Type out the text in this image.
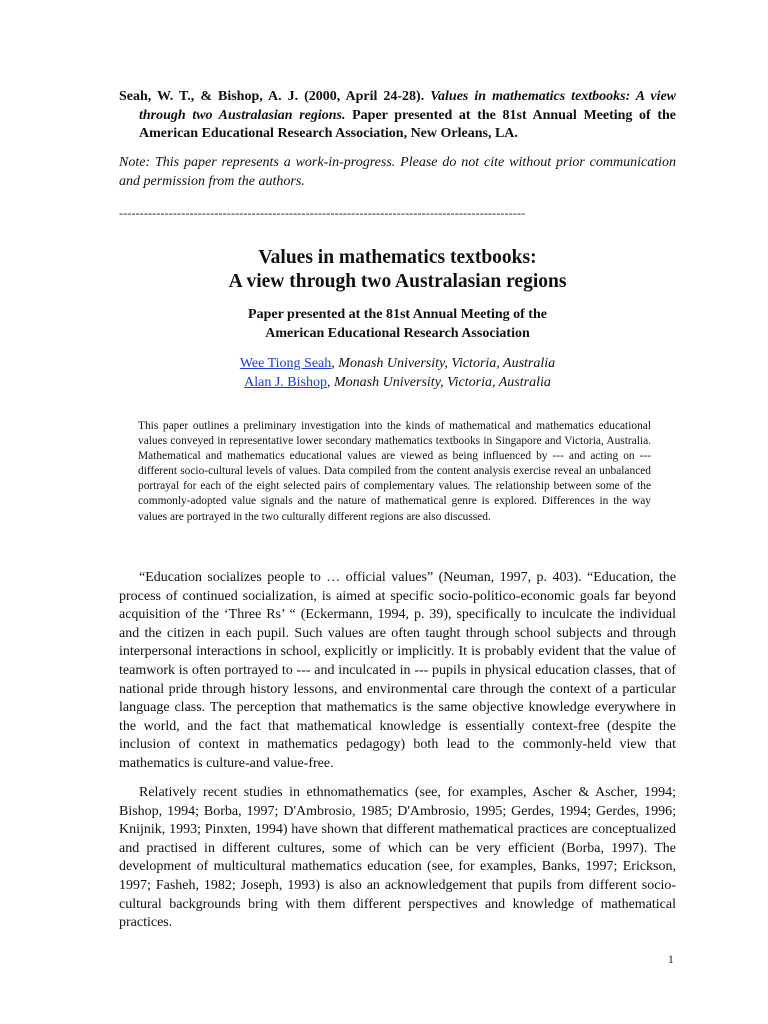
Seah, W. T., & Bishop, A. J. (2000, April 24-28). Values in mathematics textbooks: A view through two Australasian regions. Paper presented at the 81st Annual Meeting of the American Educational Research Association, New Orleans, LA.
Note: This paper represents a work-in-progress. Please do not cite without prior communication and permission from the authors.
--------------------------------------------------------------------------------------------------
Values in mathematics textbooks:
A view through two Australasian regions
Paper presented at the 81st Annual Meeting of the
American Educational Research Association
Wee Tiong Seah, Monash University, Victoria, Australia
Alan J. Bishop, Monash University, Victoria, Australia
This paper outlines a preliminary investigation into the kinds of mathematical and mathematics educational values conveyed in representative lower secondary mathematics textbooks in Singapore and Victoria, Australia. Mathematical and mathematics educational values are viewed as being influenced by --- and acting on --- different socio-cultural levels of values. Data compiled from the content analysis exercise reveal an unbalanced portrayal for each of the eight selected pairs of complementary values. The relationship between some of the commonly-adopted value signals and the nature of mathematical genre is explored. Differences in the way values are portrayed in the two culturally different regions are also discussed.
“Education socializes people to … official values” (Neuman, 1997, p. 403). “Education, the process of continued socialization, is aimed at specific socio-politico-economic goals far beyond acquisition of the ‘Three Rs’ “ (Eckermann, 1994, p. 39), specifically to inculcate the individual and the citizen in each pupil. Such values are often taught through school subjects and through interpersonal interactions in school, explicitly or implicitly. It is probably evident that the value of teamwork is often portrayed to --- and inculcated in --- pupils in physical education classes, that of national pride through history lessons, and environmental care through the context of a particular language class. The perception that mathematics is the same objective knowledge everywhere in the world, and the fact that mathematical knowledge is essentially context-free (despite the inclusion of context in mathematics pedagogy) both lead to the commonly-held view that mathematics is culture-and value-free.
Relatively recent studies in ethnomathematics (see, for examples, Ascher & Ascher, 1994; Bishop, 1994; Borba, 1997; D'Ambrosio, 1985; D'Ambrosio, 1995; Gerdes, 1994; Gerdes, 1996; Knijnik, 1993; Pinxten, 1994) have shown that different mathematical practices are conceptualized and practised in different cultures, some of which can be very efficient (Borba, 1997). The development of multicultural mathematics education (see, for examples, Banks, 1997; Erickson, 1997; Fasheh, 1982; Joseph, 1993) is also an acknowledgement that pupils from different socio-cultural backgrounds bring with them different perspectives and knowledge of mathematical practices.
1
